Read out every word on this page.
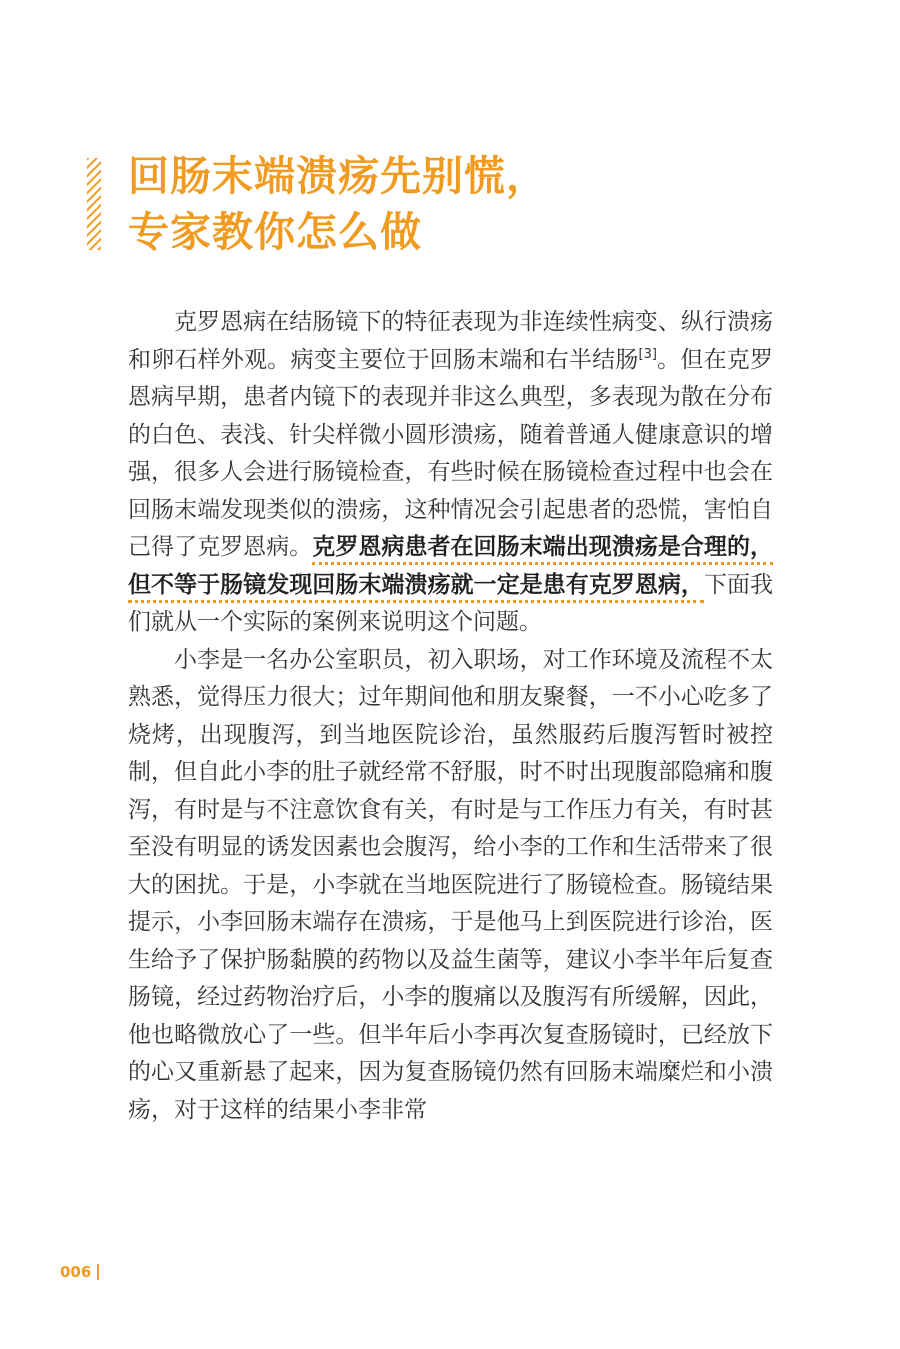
回肠末端溃疡先别慌，
专家教你怎么做

克罗恩病在结肠镜下的特征表现为非连续性病变、纵行溃疡和卵石样外观。病变主要位于回肠末端和右半结肠[3]。但在克罗恩病早期，患者内镜下的表现并非这么典型，多表现为散在分布的白色、表浅、针尖样微小圆形溃疡，随着普通人健康意识的增强，很多人会进行肠镜检查，有些时候在肠镜检查过程中也会在回肠末端发现类似的溃疡，这种情况会引起患者的恐慌，害怕自己得了克罗恩病。克罗恩病患者在回肠末端出现溃疡是合理的，但不等于肠镜发现回肠末端溃疡就一定是患有克罗恩病，下面我们就从一个实际的案例来说明这个问题。

小李是一名办公室职员，初入职场，对工作环境及流程不太熟悉，觉得压力很大；过年期间他和朋友聚餐，一不小心吃多了烧烤，出现腹泻，到当地医院诊治，虽然服药后腹泻暂时被控制，但自此小李的肚子就经常不舒服，时不时出现腹部隐痛和腹泻，有时是与不注意饮食有关，有时是与工作压力有关，有时甚至没有明显的诱发因素也会腹泻，给小李的工作和生活带来了很大的困扰。于是，小李就在当地医院进行了肠镜检查。肠镜结果提示，小李回肠末端存在溃疡，于是他马上到医院进行诊治，医生给予了保护肠黏膜的药物以及益生菌等，建议小李半年后复查肠镜，经过药物治疗后，小李的腹痛以及腹泻有所缓解，因此，他也略微放心了一些。但半年后小李再次复查肠镜时，已经放下的心又重新悬了起来，因为复查肠镜仍然有回肠末端糜烂和小溃疡，对于这样的结果小李非常

006
